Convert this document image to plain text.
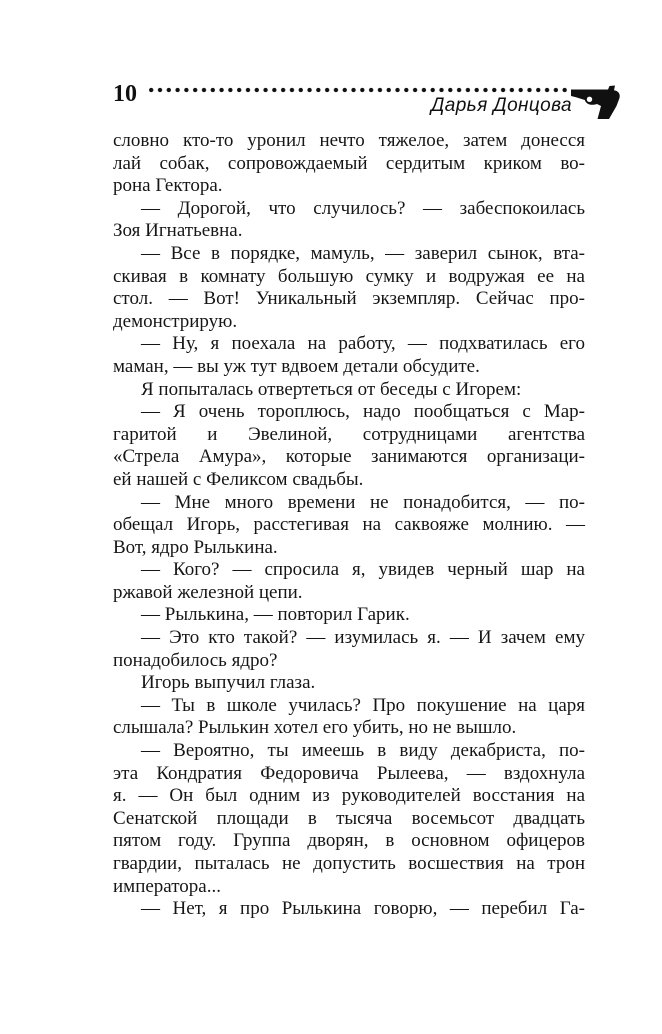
10	Дарья Донцова
словно кто-то уронил нечто тяжелое, затем донесся
лай собак, сопровождаемый сердитым криком во-
рона Гектора.
— Дорогой, что случилось? — забеспокоилась
Зоя Игнатьевна.
— Все в порядке, мамуль, — заверил сынок, вта-
скивая в комнату большую сумку и водружая ее на
стол. — Вот! Уникальный экземпляр. Сейчас про-
демонстрирую.
— Ну, я поехала на работу, — подхватилась его
маман, — вы уж тут вдвоем детали обсудите.
Я попыталась отвертеться от беседы с Игорем:
— Я очень тороплюсь, надо пообщаться с Мар-
гаритой и Эвелиной, сотрудницами агентства
«Стрела Амура», которые занимаются организаци-
ей нашей с Феликсом свадьбы.
— Мне много времени не понадобится, — по-
обещал Игорь, расстегивая на саквояже молнию. —
Вот, ядро Рылькина.
— Кого? — спросила я, увидев черный шар на
ржавой железной цепи.
— Рылькина, — повторил Гарик.
— Это кто такой? — изумилась я. — И зачем ему
понадобилось ядро?
Игорь выпучил глаза.
— Ты в школе училась? Про покушение на царя
слышала? Рылькин хотел его убить, но не вышло.
— Вероятно, ты имеешь в виду декабриста, по-
эта Кондратия Федоровича Рылеева, — вздохнула
я. — Он был одним из руководителей восстания на
Сенатской площади в тысяча восемьсот двадцать
пятом году. Группа дворян, в основном офицеров
гвардии, пыталась не допустить восшествия на трон
императора...
— Нет, я про Рылькина говорю, — перебил Га-
